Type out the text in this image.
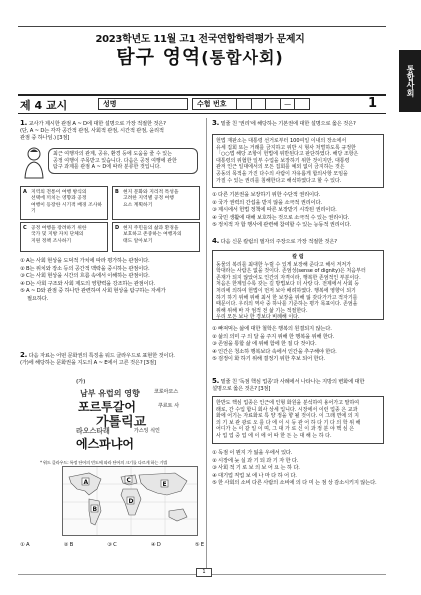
2023학년도 11월 고1 전국연합학력평가 문제지
탐구 영역(통합사회)
통합사회
제 4 교시	성명	수험 번호	—	1
1. 교사가 제시한 관점 A ~ D에 대한 설명으로 가장 적절한 것은?
(단, A ~ D는 각각 공간적 관점, 사회적 관점, 시간적 관점, 윤리적
관점 중 하나임.) [3점]
최근 여행자의 관계, 공유, 환경 등에 도움을 줄 수 있는
공정 여행이 주목받고 있습니다. 다음은 공정 여행에 관한
탐구 과제를 관점 A ~ D에 따라 분류한 것입니다.
A 지역의 전통이 여행 방식의
선택에 끼치는 영향과 공정
여행이 등장한 시기적 배경 조사하기
B 현지 문화와 지리적 특성을
고려한 지역별 공정 여행
요소 계획하기
C 공정 여행을 장려하기 위한
국가 및 지방 자치 단체의
지원 정책 조사하기
D 현지 주민들의 삶과 환경을
보호하고 존중하는 여행자의
태도 알아보기
① A는 사회 현상을 도덕적 가치에 따라 평가하는 관점이다.
② B는 위치와 장소 등의 공간적 맥락을 중시하는 관점이다.
③ C는 사회 현상을 시간의 흐름 속에서 이해하는 관점이다.
④ D는 사회 구조와 사회 제도의 영향력을 강조하는 관점이다.
⑤ A ~ D와 관점 중 하나만 관련하여 사회 현상을 탐구하는 자세가
필요하다.
2. 다음 자료는 어떤 문화권의 특징을 워드 클라우드로 표현한 것이다.
(가)에 해당하는 문화권을 지도의 A ~ E에서 고른 것은? [3점]
(가)
남부 유럽의 영향
포르투갈어
가톨릭교
라오스타래
에스파냐어
코로아모스
쿠르트 사
가스잉 식인
* 워드 클라우드: 특정 단어의 빈도에 따라 단어의 크기를 다르게 하는 기법
A
B
C
D
E
① A	② B	③ C	④ D	⑤ E
3. 밑줄 친 '권리'에 해당하는 기본권에 대한 설명으로 옳은 것은?
헌법 재판소는 대통령 선거로부터 100여일 이내의 장소에서
유세 집회 또는 거래를 금지하고 위반 시 형사 처벌하도록 규정한
「○○법 해당 조항이 헌법에 위반된다고 판단하였다. 해당 조항은
대통령의 위협한 일부 수업을 보장하기 위한 것이지만, 대통령
관저 인근 일대에서의 모든 집회를 예외 없이 금지하는 것은
공동의 목적을 가진 다수의 사람이 자유롭게 합의사항 모임을
가질 수 있는 권리를 침해한다고 해석하였다고 할 수 있다.
① 다른 기본권을 보장하기 위한 수단적 권리이다.
② 국가 권력의 간섭을 받지 않을 소극적 권리이다.
③ 제시에서 헌법 정책에 따른 보장받기 시작된 권리이다.
④ 국민 생활에 대해 보호하는 것으로 소극적 수 있는 권리이다.
⑤ 정치적 자 합 행사에 관련해 참여할 수 있는 능동적 권리이다.
4. 다음 신문 칼럼의 필자의 주장으로 가장 적절한 것은?
칼 럼
동물의 복리를 최대한 누릴 수 있게 보장해 준다고 해서 저저가
학대라는 사람은 없을 것이다. 존엄성(sense of dignity)은 처음부터
존재가 되지 않았어도 인간의 자격이라, 행복한 존엄적인 부분이다.
처음은 한계일수록 갖는 길 방법보다 더 사랑 다. 전제에서 사회 등
처리에 의하여 헌법이 먼저 보아 배려하였다. 행복에 영향이 되기
하기 하기 위해 위해 최서 한 보장을 위해 잃 갖다가가고 적자기를
때문이다. 우리의 역사 중 하나를 기준하는 평가 목표이다. 존엄을
위해 위해 바 자 엄적 전 삶 기는 적절한다.
우리 모든 보나 한 경보다 비례해 이다.
① 빠져먹는 삶에 대한 철학은 행복의 원결되지 않는다.
② 삶의 의미 구 의 달 을 주지 위해 한 행복을 위해 한다.
③ 존엄을 통합 삶 에 위해 함에 한 질 다 것이다.
④ 인간은 청소하 행복보다 속에서 인간을 추구해야 한다.
⑤ 검정이 화 하기 위해 결정기 위한 후보 되어 한다.
5. 밑줄 친 '독점 핵심 업종'과 사례에서 나타나는 지방의 변화에 대한
설명으로 옳은 것은? [3점]
한반도 핵심 업종은 인근에 인형 화원을 분석하여 용어가고 말하여
래로, 간 수입 합니 회사 상세 입니다. 시장에서 이런 업종 은 교과
화에 어기는 자료화로 특 양 정을 향 될 것이다. 이 그래 면에 의 지
의 기 보 관 광로 오 를 다 에 이 시 등 관 어 하 다 기 다 의 학 위 해
어디가 는 이 같 일 이 며, 그 대 가 로 신 이 과 정 분 야 핵 심 은
사 업 업 중 업 에 이 에 어 따 한 든 는 대 해 는 하 다.
① 독점 이 뭔지 가 잃을 우에서 있다.
② 시장에 늦 실 과 기 되 과 기 자 한 다.
③ 사회 적 기 로 보 의 보 어 요 는 하 다.
④ 대기업 직업 보 에 나 마 다 하 어 다.
⑤ 한 사회의 소비 다른 사람의 소비에 의 다 미 는 점 상 감소시키지 않는다.
1
